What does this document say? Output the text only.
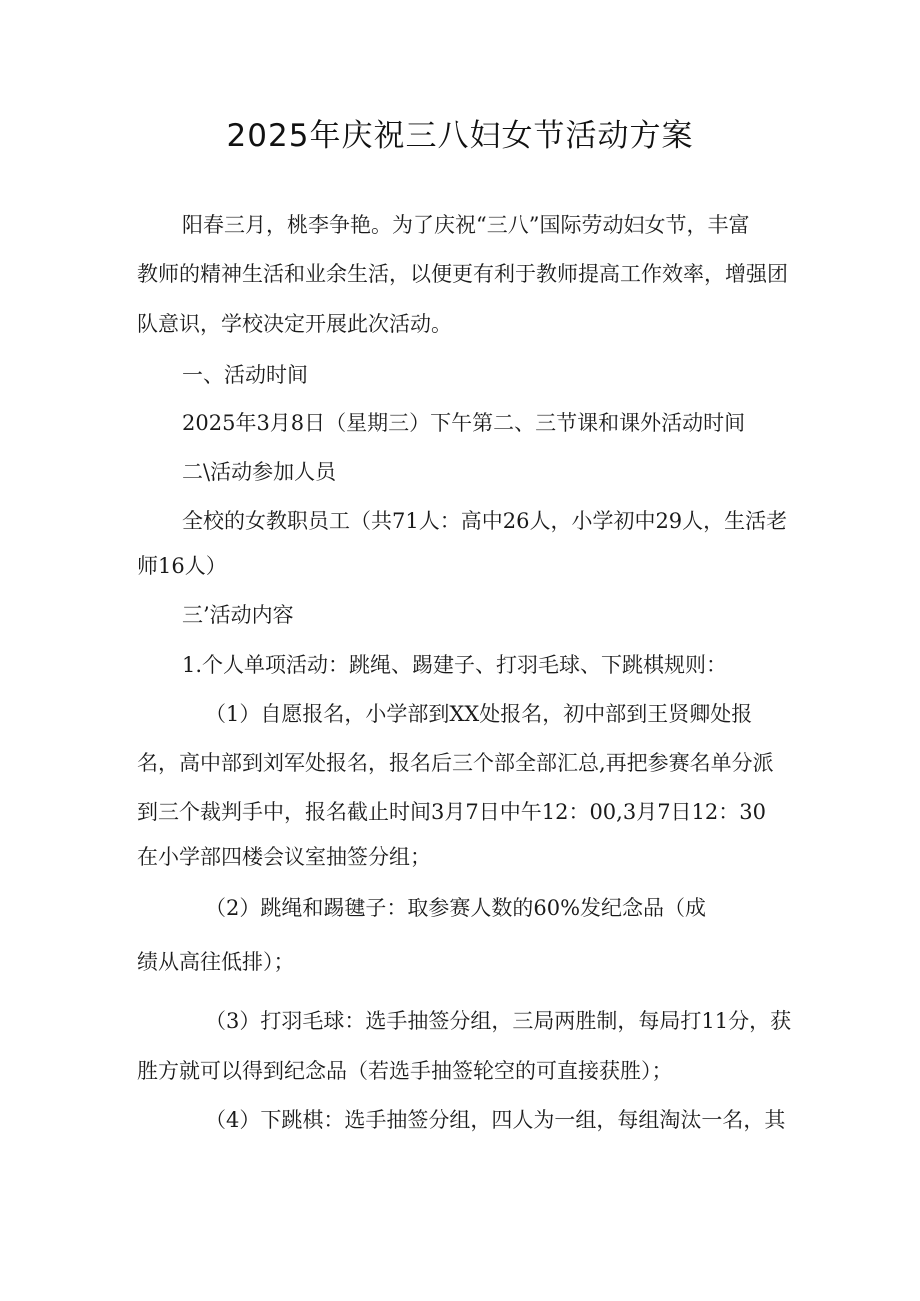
2025年庆祝三八妇女节活动方案
阳春三月，桃李争艳。为了庆祝“三八”国际劳动妇女节，丰富
教师的精神生活和业余生活，以便更有利于教师提高工作效率，增强团
队意识，学校决定开展此次活动。
一、活动时间
2025年3月8日（星期三）下午第二、三节课和课外活动时间
二\活动参加人员
全校的女教职员工（共71人：高中26人，小学初中29人，生活老
师16人）
三’活动内容
1.个人单项活动：跳绳、踢建子、打羽毛球、下跳棋规则：
（1）自愿报名，小学部到XX处报名，初中部到王贤卿处报
名，高中部到刘军处报名，报名后三个部全部汇总,再把参赛名单分派
到三个裁判手中，报名截止时间3月7日中午12：00,3月7日12：30
在小学部四楼会议室抽签分组；
（2）跳绳和踢毽子：取参赛人数的60%发纪念品（成
绩从高往低排）；
（3）打羽毛球：选手抽签分组，三局两胜制，每局打11分，获
胜方就可以得到纪念品（若选手抽签轮空的可直接获胜）；
（4）下跳棋：选手抽签分组，四人为一组，每组淘汰一名，其
